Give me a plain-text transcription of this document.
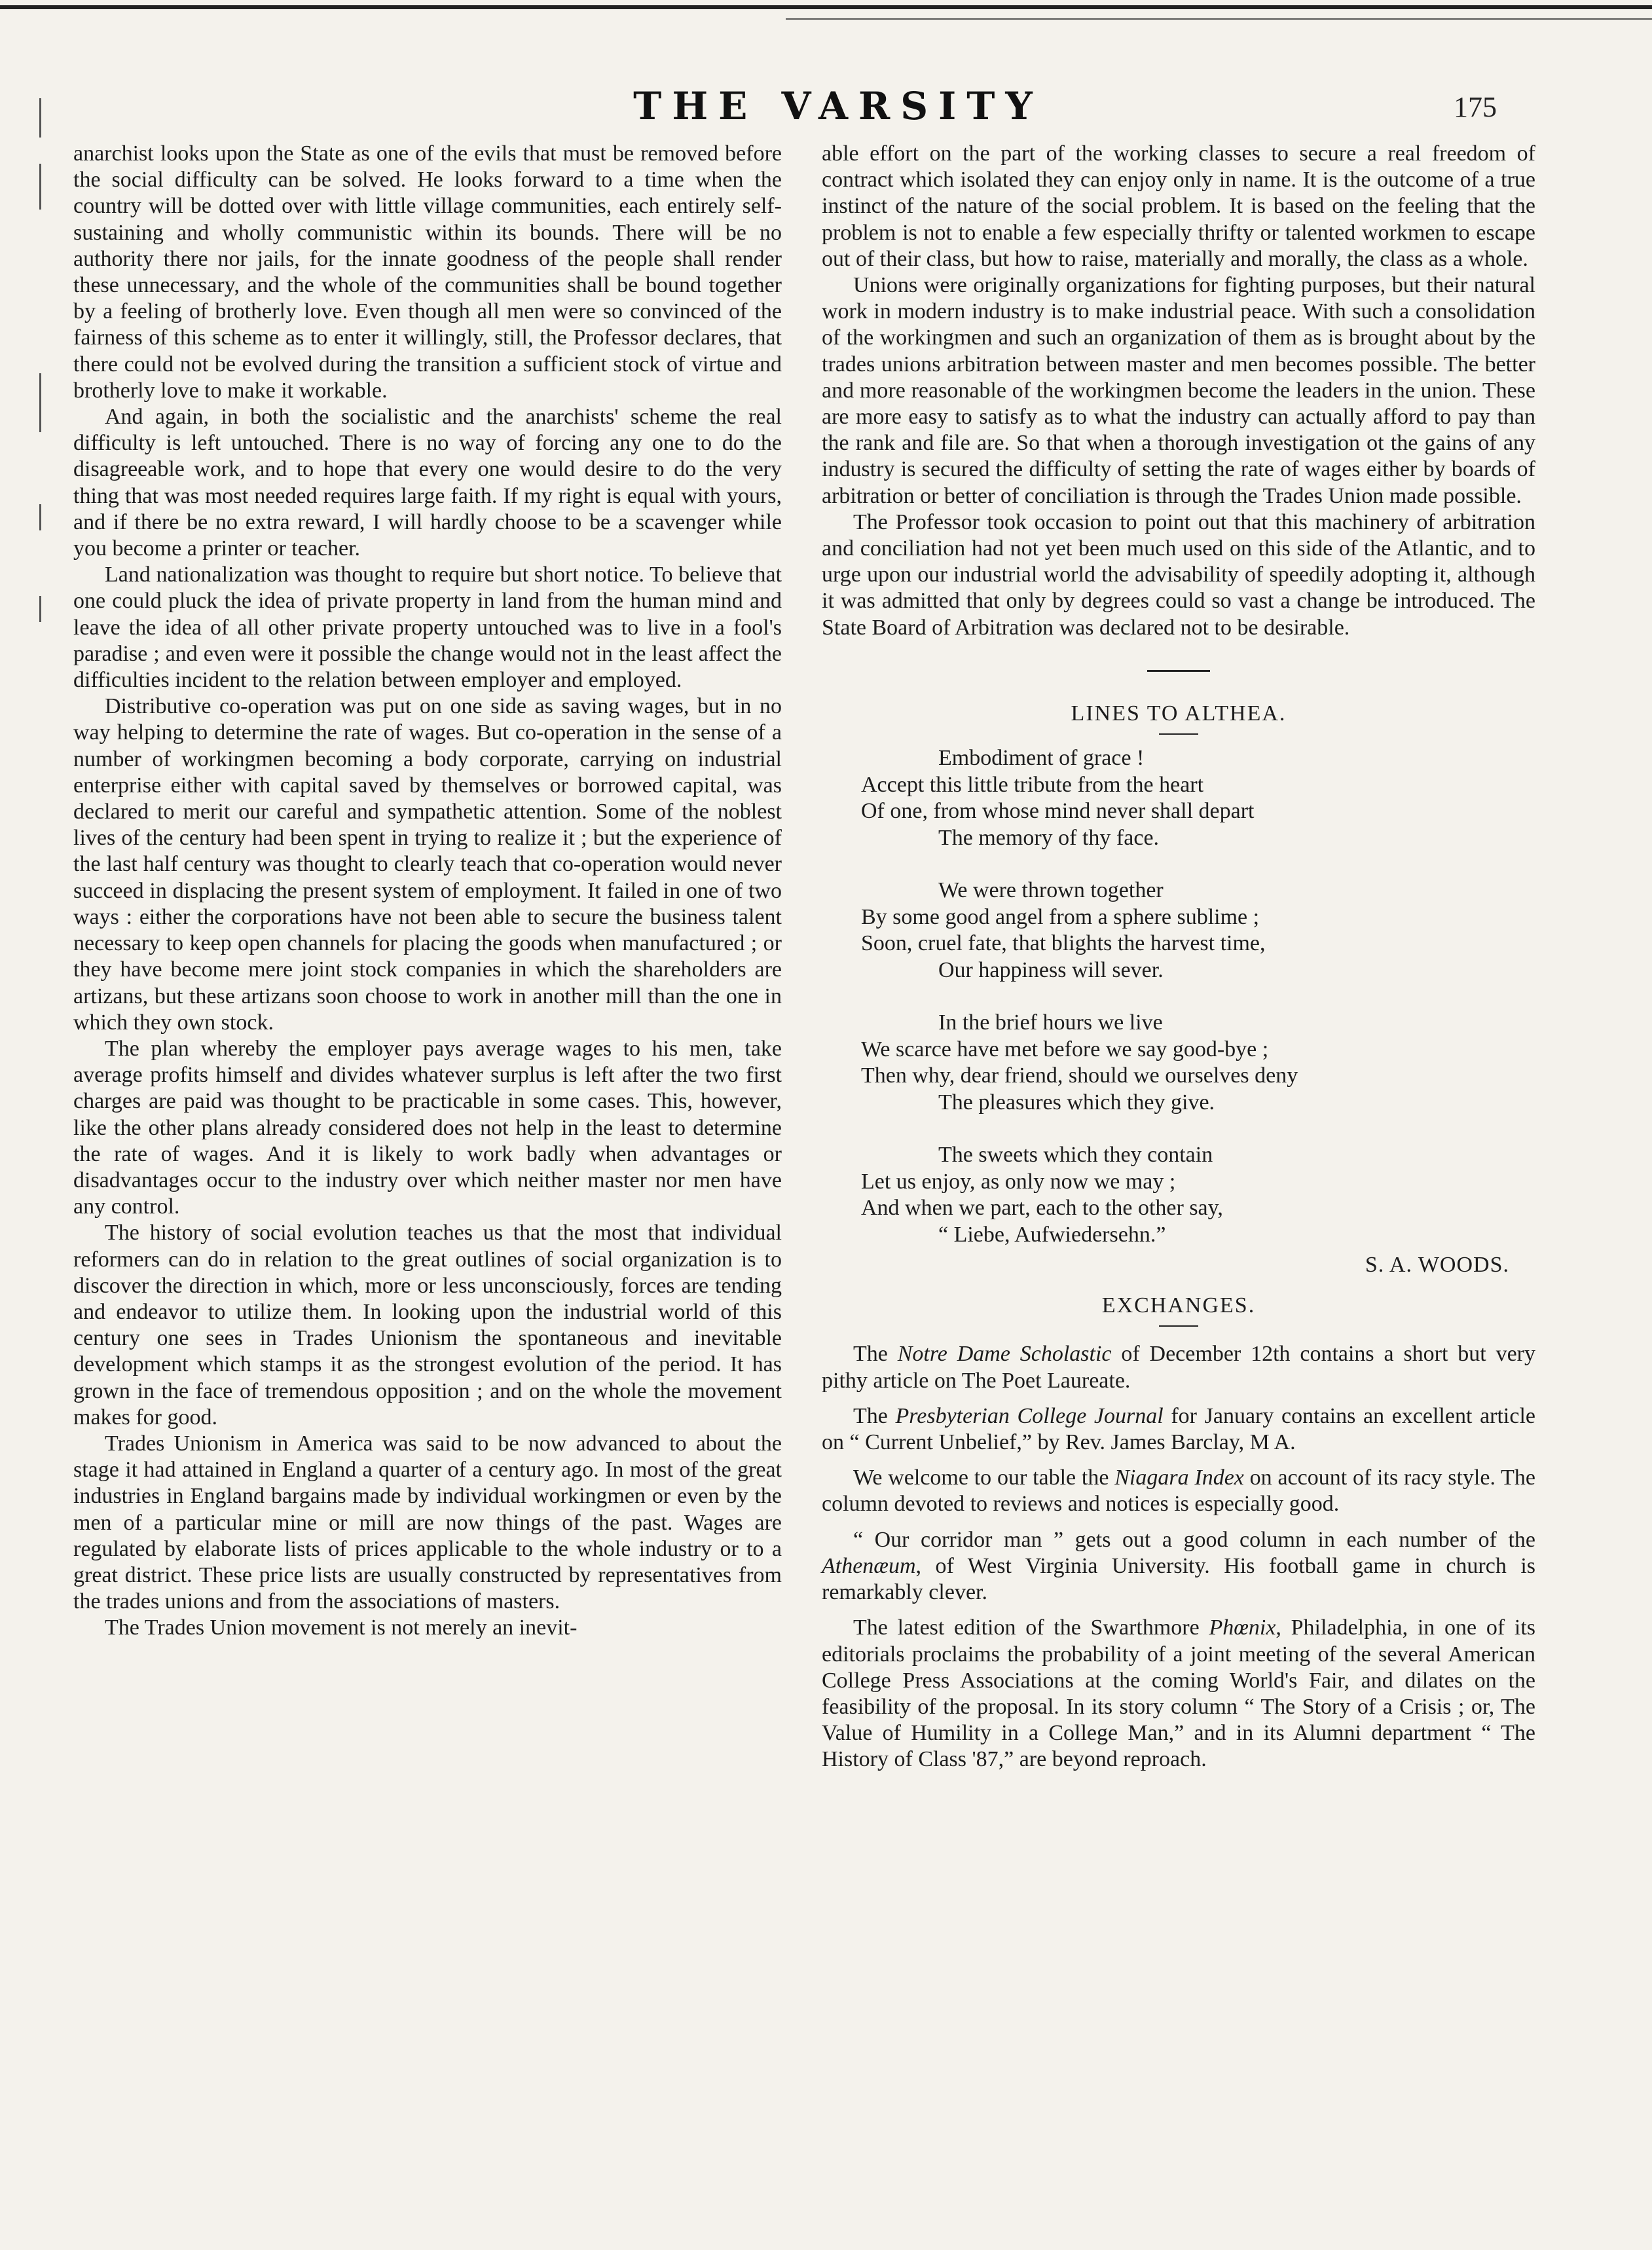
THE VARSITY	175

anarchist looks upon the State as one of the evils that must be removed before the social difficulty can be solved. He looks forward to a time when the country will be dotted over with little village communities, each entirely self-sustaining and wholly communistic within its bounds. There will be no authority there nor jails, for the innate goodness of the people shall render these unnecessary, and the whole of the communities shall be bound together by a feeling of brotherly love. Even though all men were so convinced of the fairness of this scheme as to enter it willingly, still, the Professor declares, that there could not be evolved during the transition a sufficient stock of virtue and brotherly love to make it workable.

And again, in both the socialistic and the anarchists' scheme the real difficulty is left untouched. There is no way of forcing any one to do the disagreeable work, and to hope that every one would desire to do the very thing that was most needed requires large faith. If my right is equal with yours, and if there be no extra reward, I will hardly choose to be a scavenger while you become a printer or teacher.

Land nationalization was thought to require but short notice. To believe that one could pluck the idea of private property in land from the human mind and leave the idea of all other private property untouched was to live in a fool's paradise ; and even were it possible the change would not in the least affect the difficulties incident to the relation between employer and employed.

Distributive co-operation was put on one side as saving wages, but in no way helping to determine the rate of wages. But co-operation in the sense of a number of workingmen becoming a body corporate, carrying on industrial enterprise either with capital saved by themselves or borrowed capital, was declared to merit our careful and sympathetic attention. Some of the noblest lives of the century had been spent in trying to realize it ; but the experience of the last half century was thought to clearly teach that co-operation would never succeed in displacing the present system of employment. It failed in one of two ways : either the corporations have not been able to secure the business talent necessary to keep open channels for placing the goods when manufactured ; or they have become mere joint stock companies in which the shareholders are artizans, but these artizans soon choose to work in another mill than the one in which they own stock.

The plan whereby the employer pays average wages to his men, take average profits himself and divides whatever surplus is left after the two first charges are paid was thought to be practicable in some cases. This, however, like the other plans already considered does not help in the least to determine the rate of wages. And it is likely to work badly when advantages or disadvantages occur to the industry over which neither master nor men have any control.

The history of social evolution teaches us that the most that individual reformers can do in relation to the great outlines of social organization is to discover the direction in which, more or less unconsciously, forces are tending and endeavor to utilize them. In looking upon the industrial world of this century one sees in Trades Unionism the spontaneous and inevitable development which stamps it as the strongest evolution of the period. It has grown in the face of tremendous opposition ; and on the whole the movement makes for good.

Trades Unionism in America was said to be now advanced to about the stage it had attained in England a quarter of a century ago. In most of the great industries in England bargains made by individual workingmen or even by the men of a particular mine or mill are now things of the past. Wages are regulated by elaborate lists of prices applicable to the whole industry or to a great district. These price lists are usually constructed by representatives from the trades unions and from the associations of masters.

The Trades Union movement is not merely an inevit-

able effort on the part of the working classes to secure a real freedom of contract which isolated they can enjoy only in name. It is the outcome of a true instinct of the nature of the social problem. It is based on the feeling that the problem is not to enable a few especially thrifty or talented workmen to escape out of their class, but how to raise, materially and morally, the class as a whole.

Unions were originally organizations for fighting purposes, but their natural work in modern industry is to make industrial peace. With such a consolidation of the workingmen and such an organization of them as is brought about by the trades unions arbitration between master and men becomes possible. The better and more reasonable of the workingmen become the leaders in the union. These are more easy to satisfy as to what the industry can actually afford to pay than the rank and file are. So that when a thorough investigation ot the gains of any industry is secured the difficulty of setting the rate of wages either by boards of arbitration or better of conciliation is through the Trades Union made possible.

The Professor took occasion to point out that this machinery of arbitration and conciliation had not yet been much used on this side of the Atlantic, and to urge upon our industrial world the advisability of speedily adopting it, although it was admitted that only by degrees could so vast a change be introduced. The State Board of Arbitration was declared not to be desirable.

LINES TO ALTHEA.
Embodiment of grace !
Accept this little tribute from the heart
Of one, from whose mind never shall depart
The memory of thy face.
We were thrown together
By some good angel from a sphere sublime ;
Soon, cruel fate, that blights the harvest time,
Our happiness will sever.
In the brief hours we live
We scarce have met before we say good-bye ;
Then why, dear friend, should we ourselves deny
The pleasures which they give.
The sweets which they contain
Let us enjoy, as only now we may ;
And when we part, each to the other say,
“ Liebe, Aufwiedersehn.”
S. A. WOODS.
EXCHANGES.

The Notre Dame Scholastic of December 12th contains a short but very pithy article on The Poet Laureate.

The Presbyterian College Journal for January contains an excellent article on “ Current Unbelief,” by Rev. James Barclay, M A.

We welcome to our table the Niagara Index on account of its racy style. The column devoted to reviews and notices is especially good.

“ Our corridor man ” gets out a good column in each number of the Athenæum, of West Virginia University. His football game in church is remarkably clever.

The latest edition of the Swarthmore Phœnix, Philadelphia, in one of its editorials proclaims the probability of a joint meeting of the several American College Press Associations at the coming World's Fair, and dilates on the feasibility of the proposal. In its story column “ The Story of a Crisis ; or, The Value of Humility in a College Man,” and in its Alumni department “ The History of Class '87,” are beyond reproach.
